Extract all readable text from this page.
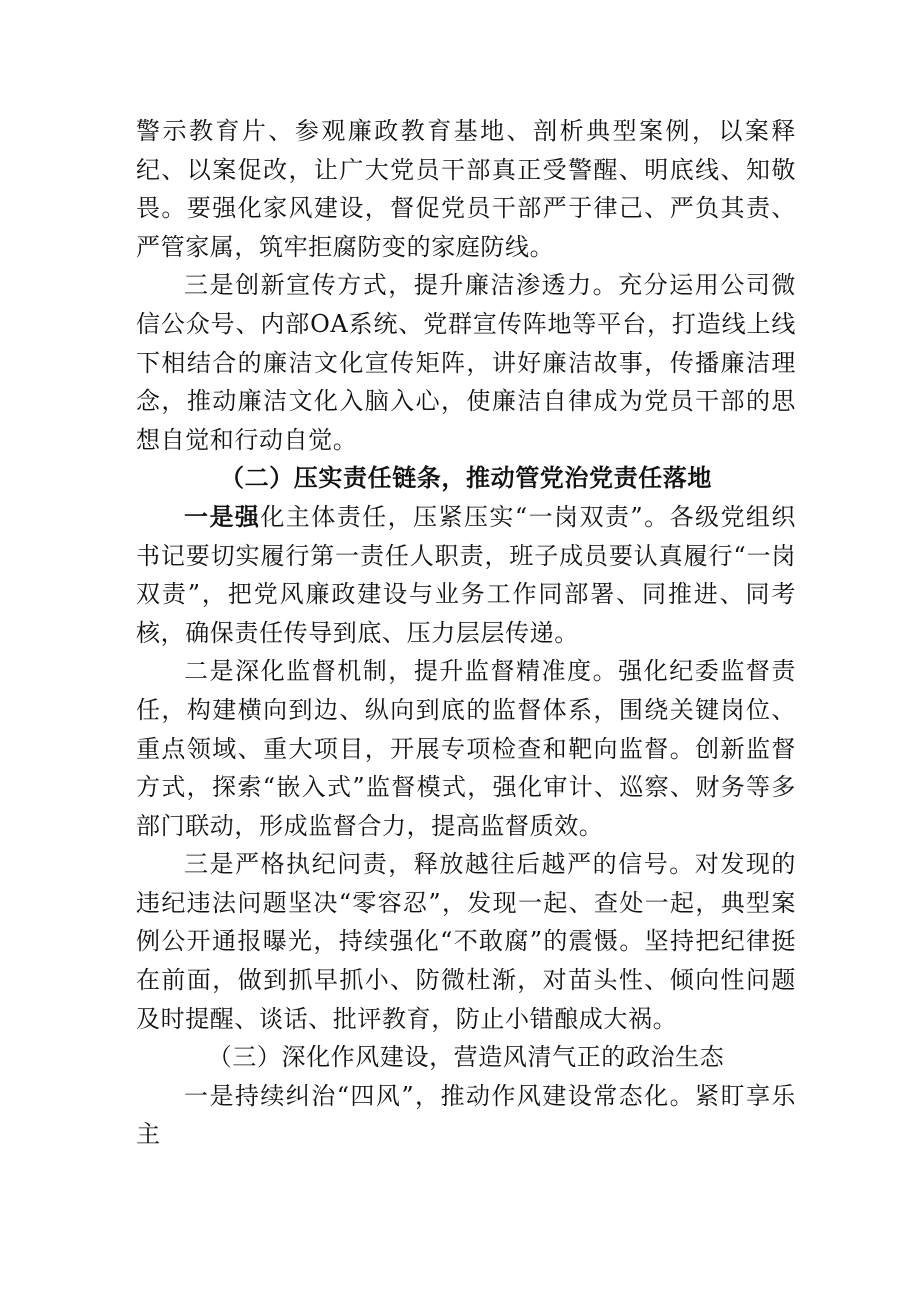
警示教育片、参观廉政教育基地、剖析典型案例，以案释纪、以案促改，让广大党员干部真正受警醒、明底线、知敬畏。要强化家风建设，督促党员干部严于律己、严负其责、严管家属，筑牢拒腐防变的家庭防线。

三是创新宣传方式，提升廉洁渗透力。充分运用公司微信公众号、内部OA系统、党群宣传阵地等平台，打造线上线下相结合的廉洁文化宣传矩阵，讲好廉洁故事，传播廉洁理念，推动廉洁文化入脑入心，使廉洁自律成为党员干部的思想自觉和行动自觉。

（二）压实责任链条，推动管党治党责任落地

一是强化主体责任，压紧压实“一岗双责”。各级党组织书记要切实履行第一责任人职责，班子成员要认真履行“一岗双责”，把党风廉政建设与业务工作同部署、同推进、同考核，确保责任传导到底、压力层层传递。

二是深化监督机制，提升监督精准度。强化纪委监督责任，构建横向到边、纵向到底的监督体系，围绕关键岗位、重点领域、重大项目，开展专项检查和靶向监督。创新监督方式，探索“嵌入式”监督模式，强化审计、巡察、财务等多部门联动，形成监督合力，提高监督质效。

三是严格执纪问责，释放越往后越严的信号。对发现的违纪违法问题坚决“零容忍”，发现一起、查处一起，典型案例公开通报曝光，持续强化“不敢腐”的震慑。坚持把纪律挺在前面，做到抓早抓小、防微杜渐，对苗头性、倾向性问题及时提醒、谈话、批评教育，防止小错酿成大祸。

（三）深化作风建设，营造风清气正的政治生态

一是持续纠治“四风”，推动作风建设常态化。紧盯享乐主
